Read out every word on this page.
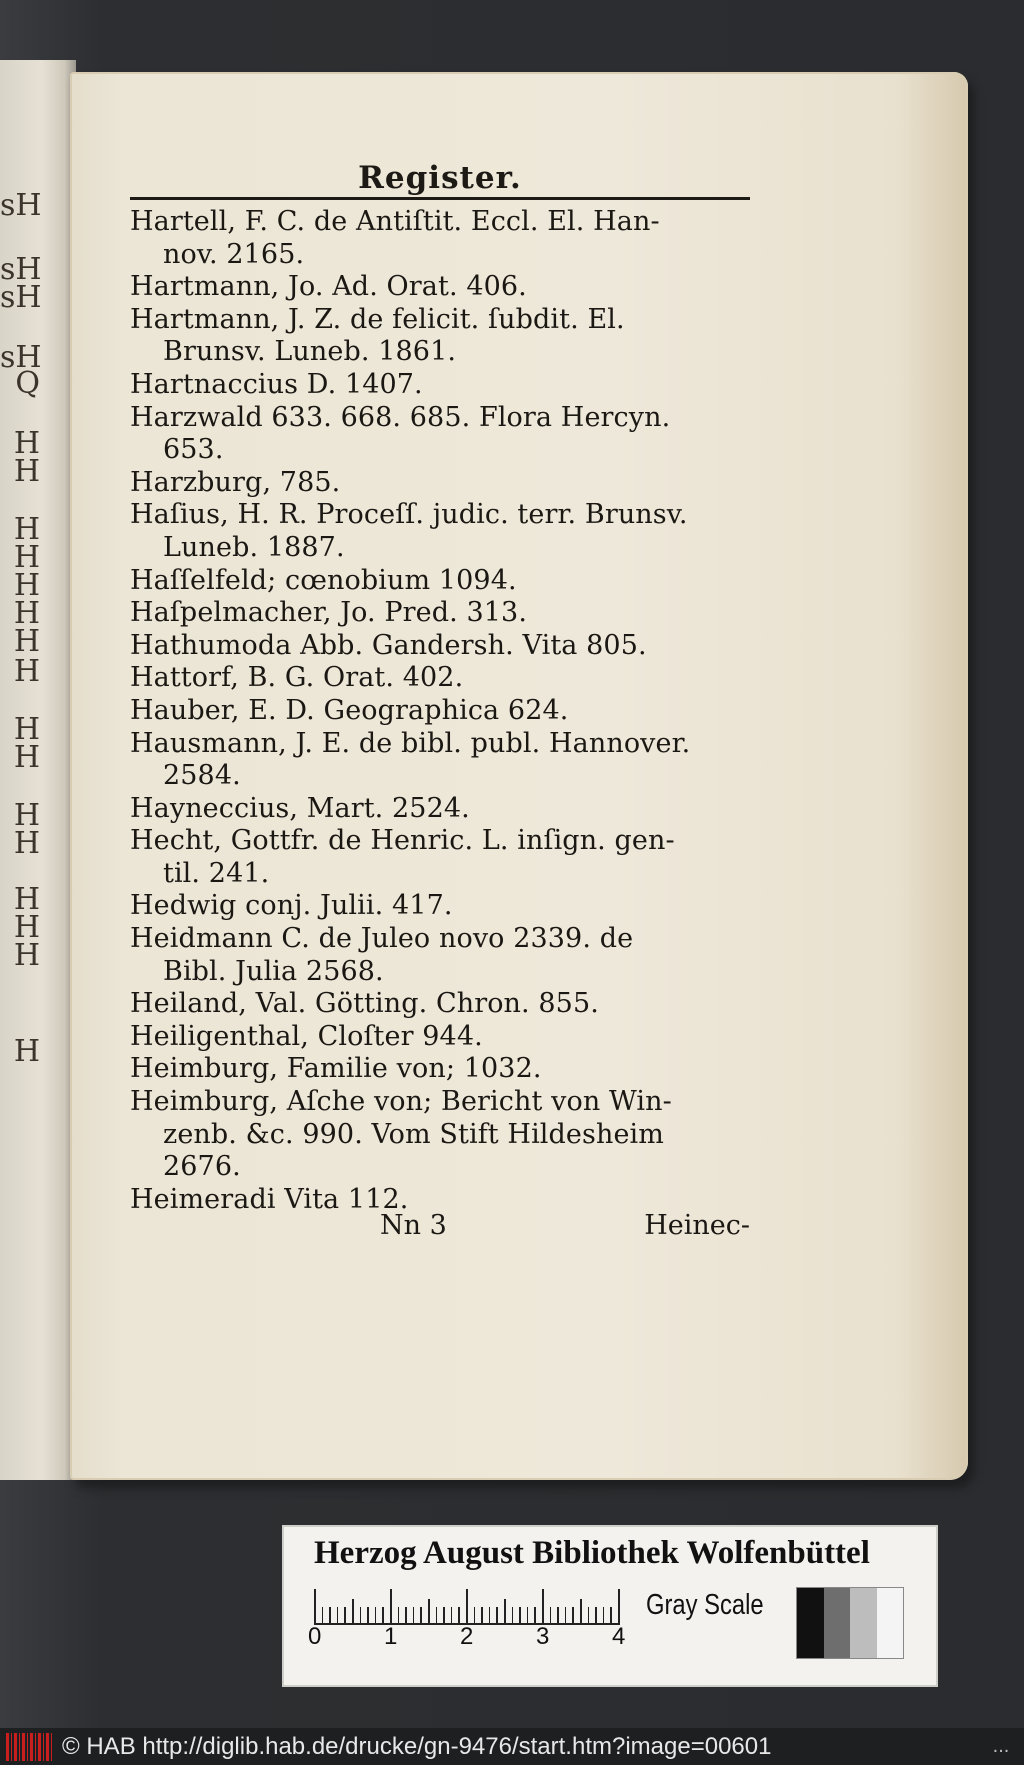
sH
sH
sH
sH
Q
H
H
H
H
H
H
H
H
H
H
H
H
H
H
H
H
Register.
Hartell, F. C. de Antiſtit. Eccl. El. Han-
nov. 2165.
Hartmann, Jo. Ad. Orat. 406.
Hartmann, J. Z. de felicit. ſubdit. El.
Brunsv. Luneb. 1861.
Hartnaccius D. 1407.
Harzwald 633. 668. 685. Flora Hercyn.
653.
Harzburg, 785.
Haſius, H. R. Proceſſ. judic. terr. Brunsv.
Luneb. 1887.
Haſſelfeld; cœnobium 1094.
Haſpelmacher, Jo. Pred. 313.
Hathumoda Abb. Gandersh. Vita 805.
Hattorf, B. G. Orat. 402.
Hauber, E. D. Geographica 624.
Hausmann, J. E. de bibl. publ. Hannover.
2584.
Hayneccius, Mart. 2524.
Hecht, Gottfr. de Henric. L. inſign. gen-
til. 241.
Hedwig conj. Julii. 417.
Heidmann C. de Juleo novo 2339. de
Bibl. Julia 2568.
Heiland, Val. Götting. Chron. 855.
Heiligenthal, Cloſter 944.
Heimburg, Familie von; 1032.
Heimburg, Aſche von; Bericht von Win-
zenb. &c. 990. Vom Stift Hildesheim
2676.
Heimeradi Vita 112.
Nn 3	Heinec-
Herzog August Bibliothek Wolfenbüttel
0	1	2	3	4
Gray Scale
© HAB http://diglib.hab.de/drucke/gn-9476/start.htm?image=00601	...
